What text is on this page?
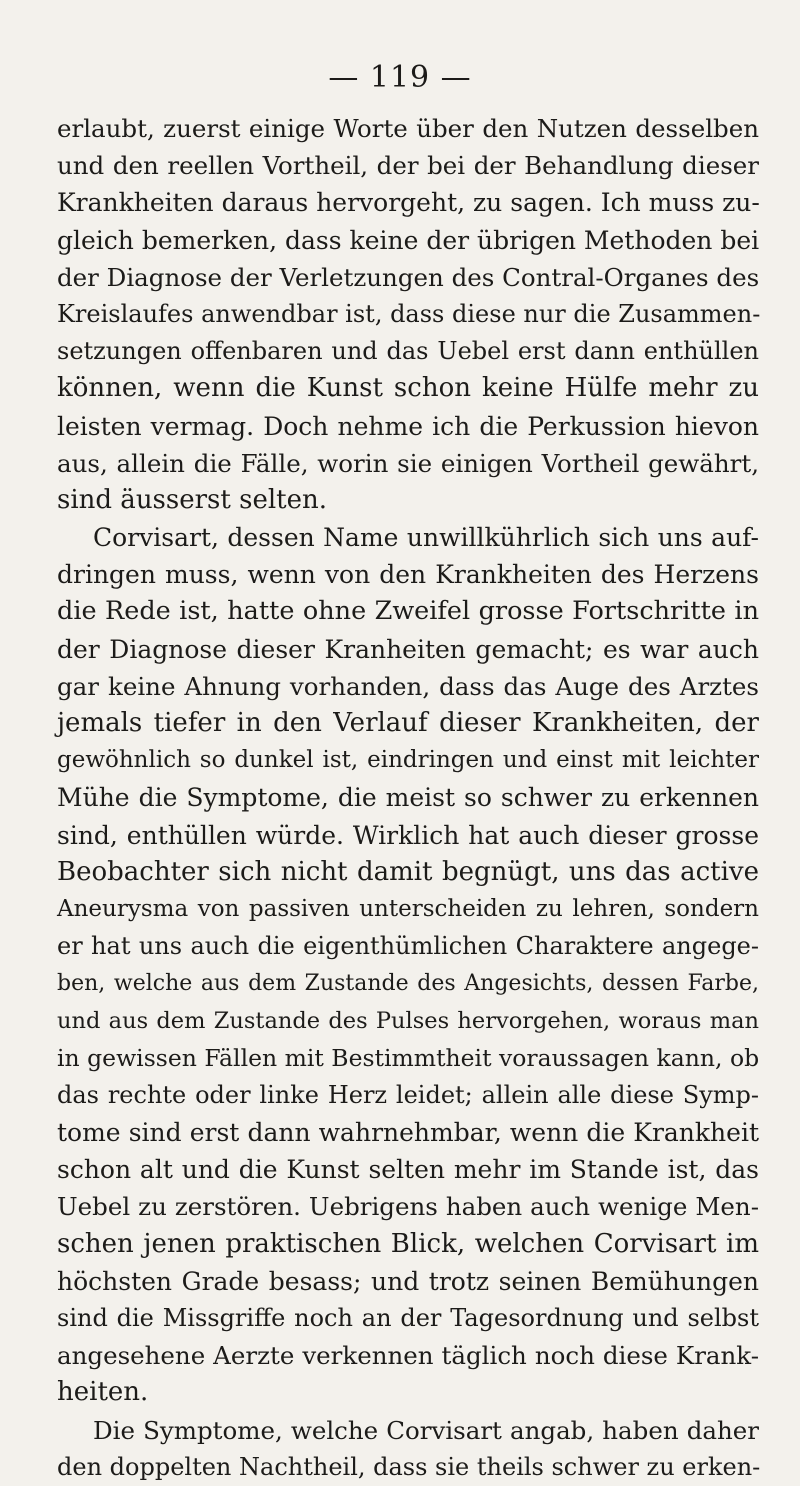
— 119 —
erlaubt, zuerst einige Worte über den Nutzen desselben
und den reellen Vortheil, der bei der Behandlung dieser
Krankheiten daraus hervorgeht, zu sagen. Ich muss zu-
gleich bemerken, dass keine der übrigen Methoden bei
der Diagnose der Verletzungen des Contral-Organes des
Kreislaufes anwendbar ist, dass diese nur die Zusammen-
setzungen offenbaren und das Uebel erst dann enthüllen
können, wenn die Kunst schon keine Hülfe mehr zu
leisten vermag. Doch nehme ich die Perkussion hievon
aus, allein die Fälle, worin sie einigen Vortheil gewährt,
sind äusserst selten.
Corvisart, dessen Name unwillkührlich sich uns auf-
dringen muss, wenn von den Krankheiten des Herzens
die Rede ist, hatte ohne Zweifel grosse Fortschritte in
der Diagnose dieser Kranheiten gemacht; es war auch
gar keine Ahnung vorhanden, dass das Auge des Arztes
jemals tiefer in den Verlauf dieser Krankheiten, der
gewöhnlich so dunkel ist, eindringen und einst mit leichter
Mühe die Symptome, die meist so schwer zu erkennen
sind, enthüllen würde. Wirklich hat auch dieser grosse
Beobachter sich nicht damit begnügt, uns das active
Aneurysma von passiven unterscheiden zu lehren, sondern
er hat uns auch die eigenthümlichen Charaktere angege-
ben, welche aus dem Zustande des Angesichts, dessen Farbe,
und aus dem Zustande des Pulses hervorgehen, woraus man
in gewissen Fällen mit Bestimmtheit voraussagen kann, ob
das rechte oder linke Herz leidet; allein alle diese Symp-
tome sind erst dann wahrnehmbar, wenn die Krankheit
schon alt und die Kunst selten mehr im Stande ist, das
Uebel zu zerstören. Uebrigens haben auch wenige Men-
schen jenen praktischen Blick, welchen Corvisart im
höchsten Grade besass; und trotz seinen Bemühungen
sind die Missgriffe noch an der Tagesordnung und selbst
angesehene Aerzte verkennen täglich noch diese Krank-
heiten.
Die Symptome, welche Corvisart angab, haben daher
den doppelten Nachtheil, dass sie theils schwer zu erken-
